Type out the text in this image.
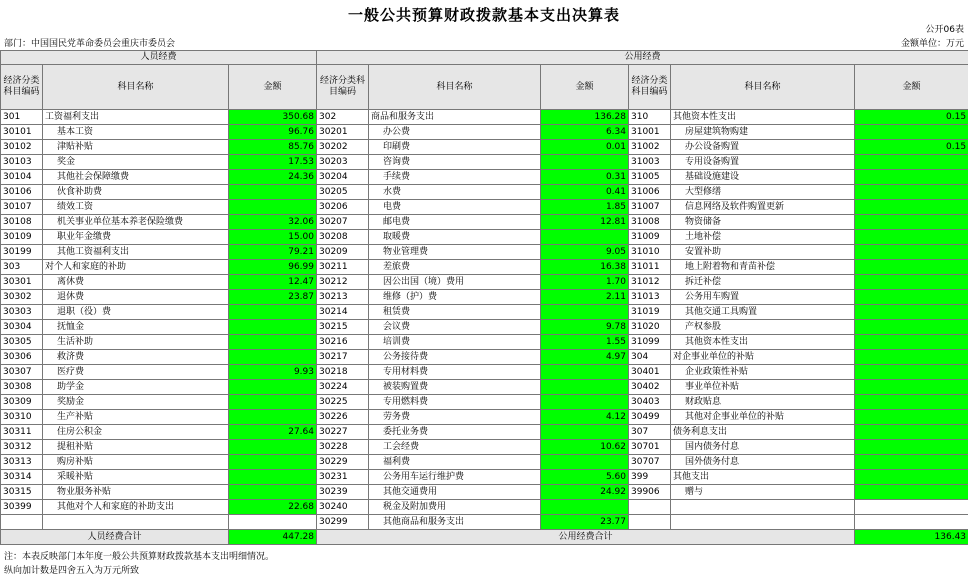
一般公共预算财政拨款基本支出决算表
公开06表
部门：中国国民党革命委员会重庆市委员会	金额单位：万元
人员经费			公用经费					
经济分类科目编码	科目名称	金额	经济分类科目编码	科目名称	金额	经济分类科目编码	科目名称	金额
301	工资福利支出	350.68	302	商品和服务支出	136.28	310	其他资本性支出	0.15
30101	基本工资	96.76	30201	办公费	6.34	31001	房屋建筑物购建	
30102	津贴补贴	85.76	30202	印刷费	0.01	31002	办公设备购置	0.15
30103	奖金	17.53	30203	咨询费		31003	专用设备购置	
30104	其他社会保障缴费	24.36	30204	手续费	0.31	31005	基础设施建设	
30106	伙食补助费		30205	水费	0.41	31006	大型修缮	
30107	绩效工资		30206	电费	1.85	31007	信息网络及软件购置更新	
30108	机关事业单位基本养老保险缴费	32.06	30207	邮电费	12.81	31008	物资储备	
30109	职业年金缴费	15.00	30208	取暖费		31009	土地补偿	
30199	其他工资福利支出	79.21	30209	物业管理费	9.05	31010	安置补助	
303	对个人和家庭的补助	96.99	30211	差旅费	16.38	31011	地上附着物和青苗补偿	
30301	离休费	12.47	30212	因公出国（境）费用	1.70	31012	拆迁补偿	
30302	退休费	23.87	30213	维修（护）费	2.11	31013	公务用车购置	
30303	退职（役）费		30214	租赁费		31019	其他交通工具购置	
30304	抚恤金		30215	会议费	9.78	31020	产权参股	
30305	生活补助		30216	培训费	1.55	31099	其他资本性支出	
30306	救济费		30217	公务接待费	4.97	304	对企事业单位的补贴	
30307	医疗费	9.93	30218	专用材料费		30401	企业政策性补贴	
30308	助学金		30224	被装购置费		30402	事业单位补贴	
30309	奖励金		30225	专用燃料费		30403	财政贴息	
30310	生产补贴		30226	劳务费	4.12	30499	其他对企事业单位的补贴	
30311	住房公积金	27.64	30227	委托业务费		307	债务利息支出	
30312	提租补贴		30228	工会经费	10.62	30701	国内债务付息	
30313	购房补贴		30229	福利费		30707	国外债务付息	
30314	采暖补贴		30231	公务用车运行维护费	5.60	399	其他支出	
30315	物业服务补贴		30239	其他交通费用	24.92	39906	赠与	
30399	其他对个人和家庭的补助支出	22.68	30240	税金及附加费用				
			30299	其他商品和服务支出	23.77			
人员经费合计		447.28	公用经费合计					136.43
注：本表反映部门本年度一般公共预算财政拨款基本支出明细情况。
纵向加计数是四舍五入为万元所致
